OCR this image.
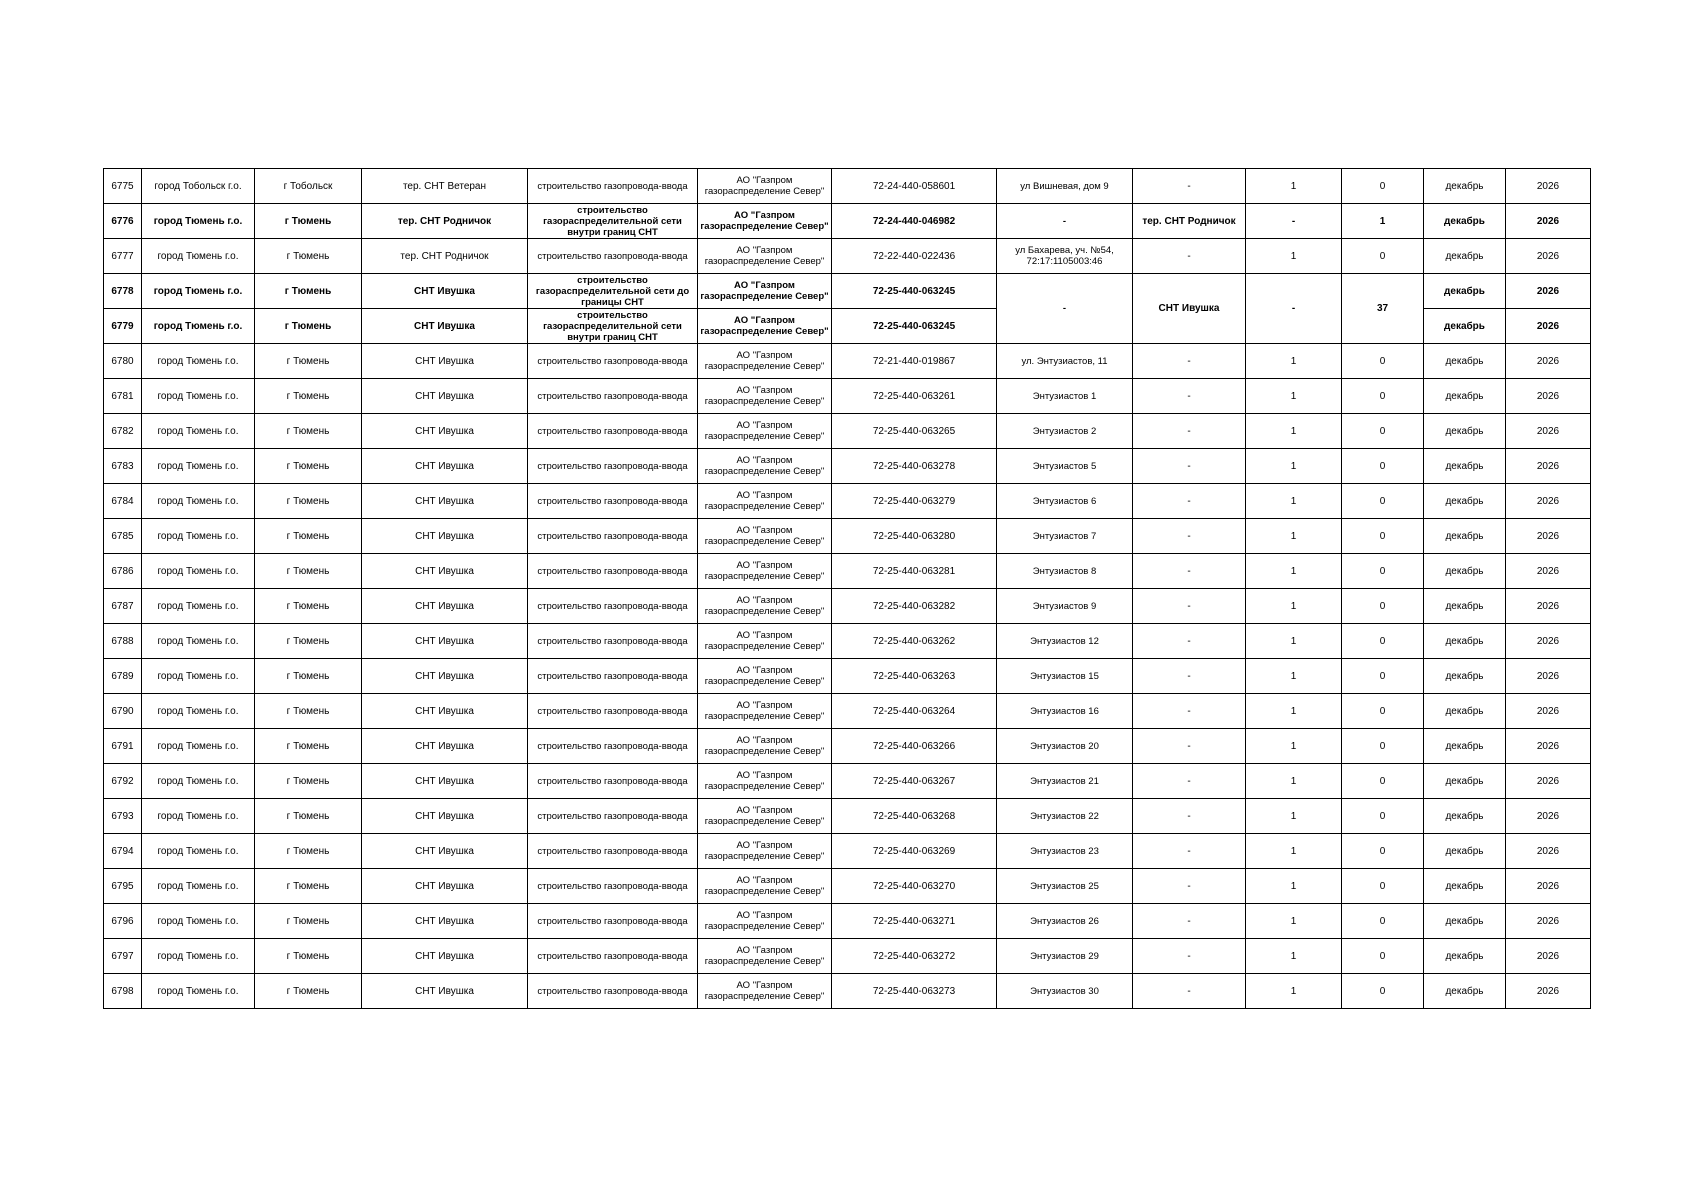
6775	город Тобольск г.о.	г Тобольск	тер. СНТ Ветеран	строительство газопровода-ввода	АО "Газпром газораспределение Север"	72-24-440-058601	ул Вишневая, дом 9	-	1	0	декабрь	2026
6776	город Тюмень г.о.	г Тюмень	тер. СНТ Родничок	строительство газораспределительной сети внутри границ СНТ	АО "Газпром газораспределение Север"	72-24-440-046982	-	тер. СНТ Родничок	-	1	декабрь	2026
6777	город Тюмень г.о.	г Тюмень	тер. СНТ Родничок	строительство газопровода-ввода	АО "Газпром газораспределение Север"	72-22-440-022436	ул Бахарева, уч. №54, 72:17:1105003:46	-	1	0	декабрь	2026
6778	город Тюмень г.о.	г Тюмень	СНТ Ивушка	строительство газораспределительной сети до границы СНТ	АО "Газпром газораспределение Север"	72-25-440-063245	-	СНТ Ивушка	-	37	декабрь	2026
6779	город Тюмень г.о.	г Тюмень	СНТ Ивушка	строительство газораспределительной сети внутри границ СНТ	АО "Газпром газораспределение Север"	72-25-440-063245					декабрь	2026
6780	город Тюмень г.о.	г Тюмень	СНТ Ивушка	строительство газопровода-ввода	АО "Газпром газораспределение Север"	72-21-440-019867	ул. Энтузиастов, 11	-	1	0	декабрь	2026
6781	город Тюмень г.о.	г Тюмень	СНТ Ивушка	строительство газопровода-ввода	АО "Газпром газораспределение Север"	72-25-440-063261	Энтузиастов 1	-	1	0	декабрь	2026
6782	город Тюмень г.о.	г Тюмень	СНТ Ивушка	строительство газопровода-ввода	АО "Газпром газораспределение Север"	72-25-440-063265	Энтузиастов 2	-	1	0	декабрь	2026
6783	город Тюмень г.о.	г Тюмень	СНТ Ивушка	строительство газопровода-ввода	АО "Газпром газораспределение Север"	72-25-440-063278	Энтузиастов 5	-	1	0	декабрь	2026
6784	город Тюмень г.о.	г Тюмень	СНТ Ивушка	строительство газопровода-ввода	АО "Газпром газораспределение Север"	72-25-440-063279	Энтузиастов 6	-	1	0	декабрь	2026
6785	город Тюмень г.о.	г Тюмень	СНТ Ивушка	строительство газопровода-ввода	АО "Газпром газораспределение Север"	72-25-440-063280	Энтузиастов 7	-	1	0	декабрь	2026
6786	город Тюмень г.о.	г Тюмень	СНТ Ивушка	строительство газопровода-ввода	АО "Газпром газораспределение Север"	72-25-440-063281	Энтузиастов 8	-	1	0	декабрь	2026
6787	город Тюмень г.о.	г Тюмень	СНТ Ивушка	строительство газопровода-ввода	АО "Газпром газораспределение Север"	72-25-440-063282	Энтузиастов 9	-	1	0	декабрь	2026
6788	город Тюмень г.о.	г Тюмень	СНТ Ивушка	строительство газопровода-ввода	АО "Газпром газораспределение Север"	72-25-440-063262	Энтузиастов 12	-	1	0	декабрь	2026
6789	город Тюмень г.о.	г Тюмень	СНТ Ивушка	строительство газопровода-ввода	АО "Газпром газораспределение Север"	72-25-440-063263	Энтузиастов 15	-	1	0	декабрь	2026
6790	город Тюмень г.о.	г Тюмень	СНТ Ивушка	строительство газопровода-ввода	АО "Газпром газораспределение Север"	72-25-440-063264	Энтузиастов 16	-	1	0	декабрь	2026
6791	город Тюмень г.о.	г Тюмень	СНТ Ивушка	строительство газопровода-ввода	АО "Газпром газораспределение Север"	72-25-440-063266	Энтузиастов 20	-	1	0	декабрь	2026
6792	город Тюмень г.о.	г Тюмень	СНТ Ивушка	строительство газопровода-ввода	АО "Газпром газораспределение Север"	72-25-440-063267	Энтузиастов 21	-	1	0	декабрь	2026
6793	город Тюмень г.о.	г Тюмень	СНТ Ивушка	строительство газопровода-ввода	АО "Газпром газораспределение Север"	72-25-440-063268	Энтузиастов 22	-	1	0	декабрь	2026
6794	город Тюмень г.о.	г Тюмень	СНТ Ивушка	строительство газопровода-ввода	АО "Газпром газораспределение Север"	72-25-440-063269	Энтузиастов 23	-	1	0	декабрь	2026
6795	город Тюмень г.о.	г Тюмень	СНТ Ивушка	строительство газопровода-ввода	АО "Газпром газораспределение Север"	72-25-440-063270	Энтузиастов 25	-	1	0	декабрь	2026
6796	город Тюмень г.о.	г Тюмень	СНТ Ивушка	строительство газопровода-ввода	АО "Газпром газораспределение Север"	72-25-440-063271	Энтузиастов 26	-	1	0	декабрь	2026
6797	город Тюмень г.о.	г Тюмень	СНТ Ивушка	строительство газопровода-ввода	АО "Газпром газораспределение Север"	72-25-440-063272	Энтузиастов 29	-	1	0	декабрь	2026
6798	город Тюмень г.о.	г Тюмень	СНТ Ивушка	строительство газопровода-ввода	АО "Газпром газораспределение Север"	72-25-440-063273	Энтузиастов 30	-	1	0	декабрь	2026
